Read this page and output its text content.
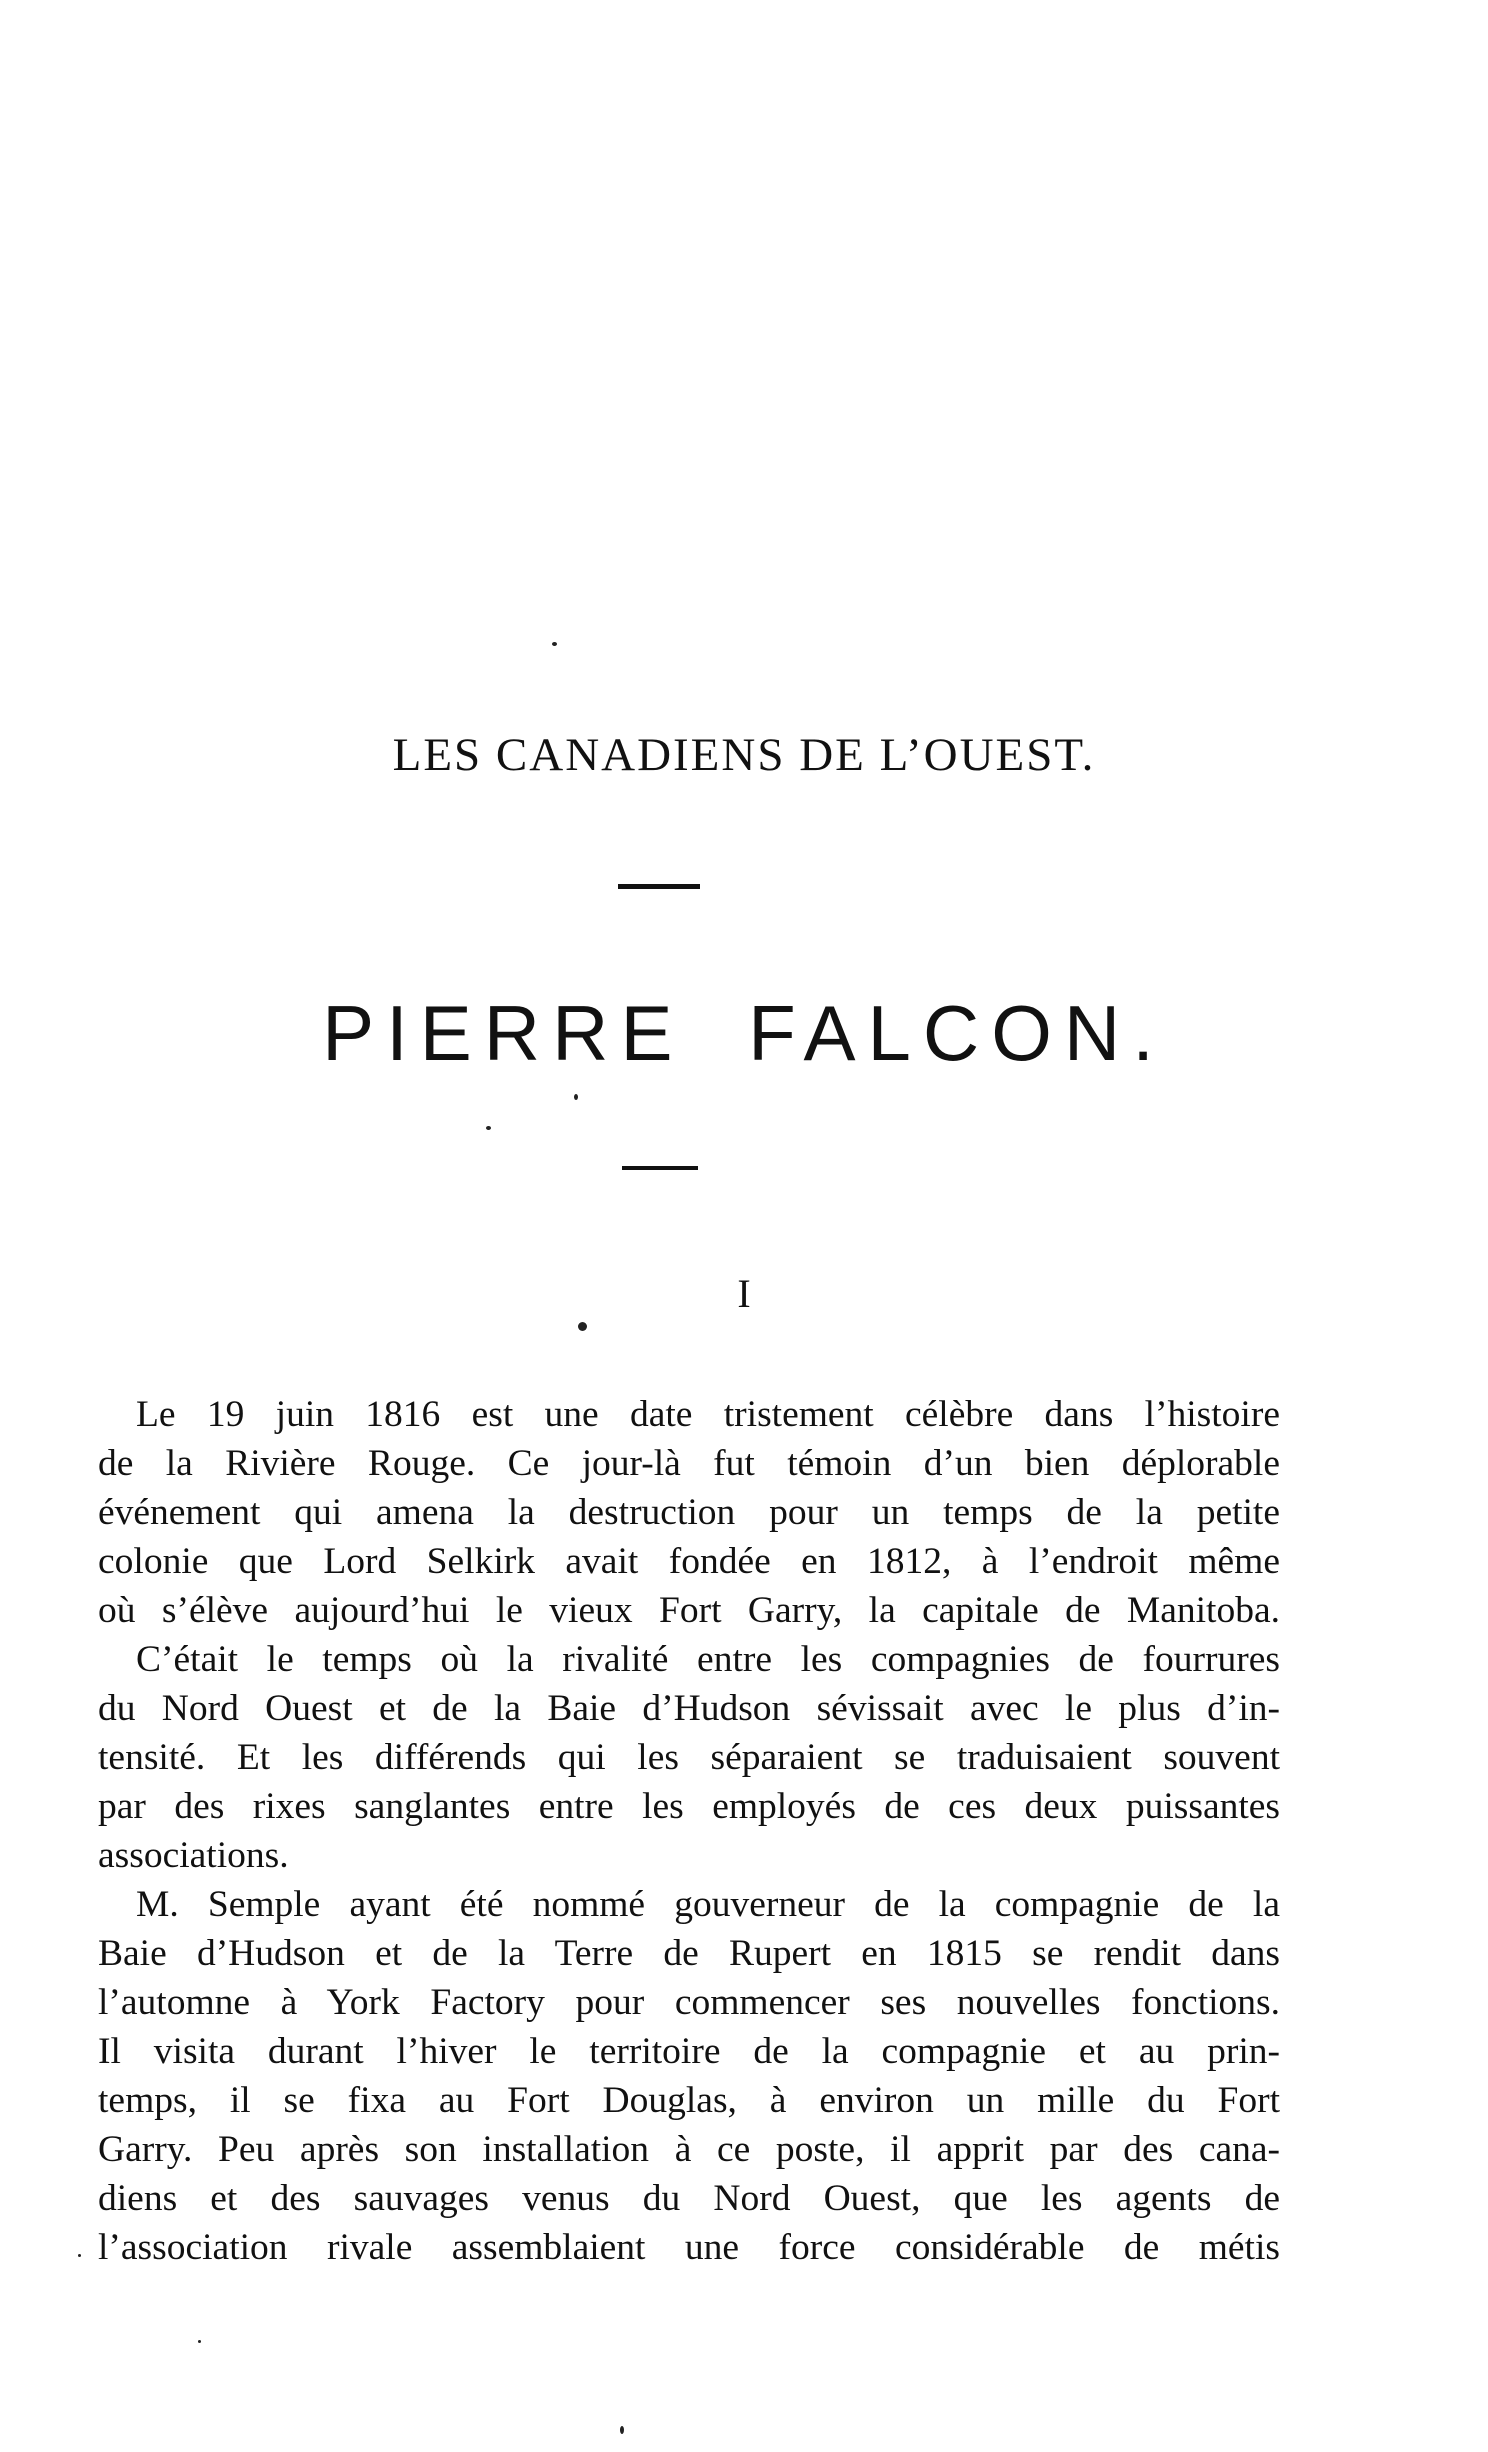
LES CANADIENS DE L’OUEST.
PIERRE FALCON.
I
Le 19 juin 1816 est une date tristement célèbre dans l’histoire
de la Rivière Rouge. Ce jour-là fut témoin d’un bien déplorable
événement qui amena la destruction pour un temps de la petite
colonie que Lord Selkirk avait fondée en 1812, à l’endroit même
où s’élève aujourd’hui le vieux Fort Garry, la capitale de Manitoba.
C’était le temps où la rivalité entre les compagnies de fourrures
du Nord Ouest et de la Baie d’Hudson sévissait avec le plus d’in-
tensité. Et les différends qui les séparaient se traduisaient souvent
par des rixes sanglantes entre les employés de ces deux puissantes
associations.
M. Semple ayant été nommé gouverneur de la compagnie de la
Baie d’Hudson et de la Terre de Rupert en 1815 se rendit dans
l’automne à York Factory pour commencer ses nouvelles fonctions.
Il visita durant l’hiver le territoire de la compagnie et au prin-
temps, il se fixa au Fort Douglas, à environ un mille du Fort
Garry. Peu après son installation à ce poste, il apprit par des cana-
diens et des sauvages venus du Nord Ouest, que les agents de
l’association rivale assemblaient une force considérable de métis
